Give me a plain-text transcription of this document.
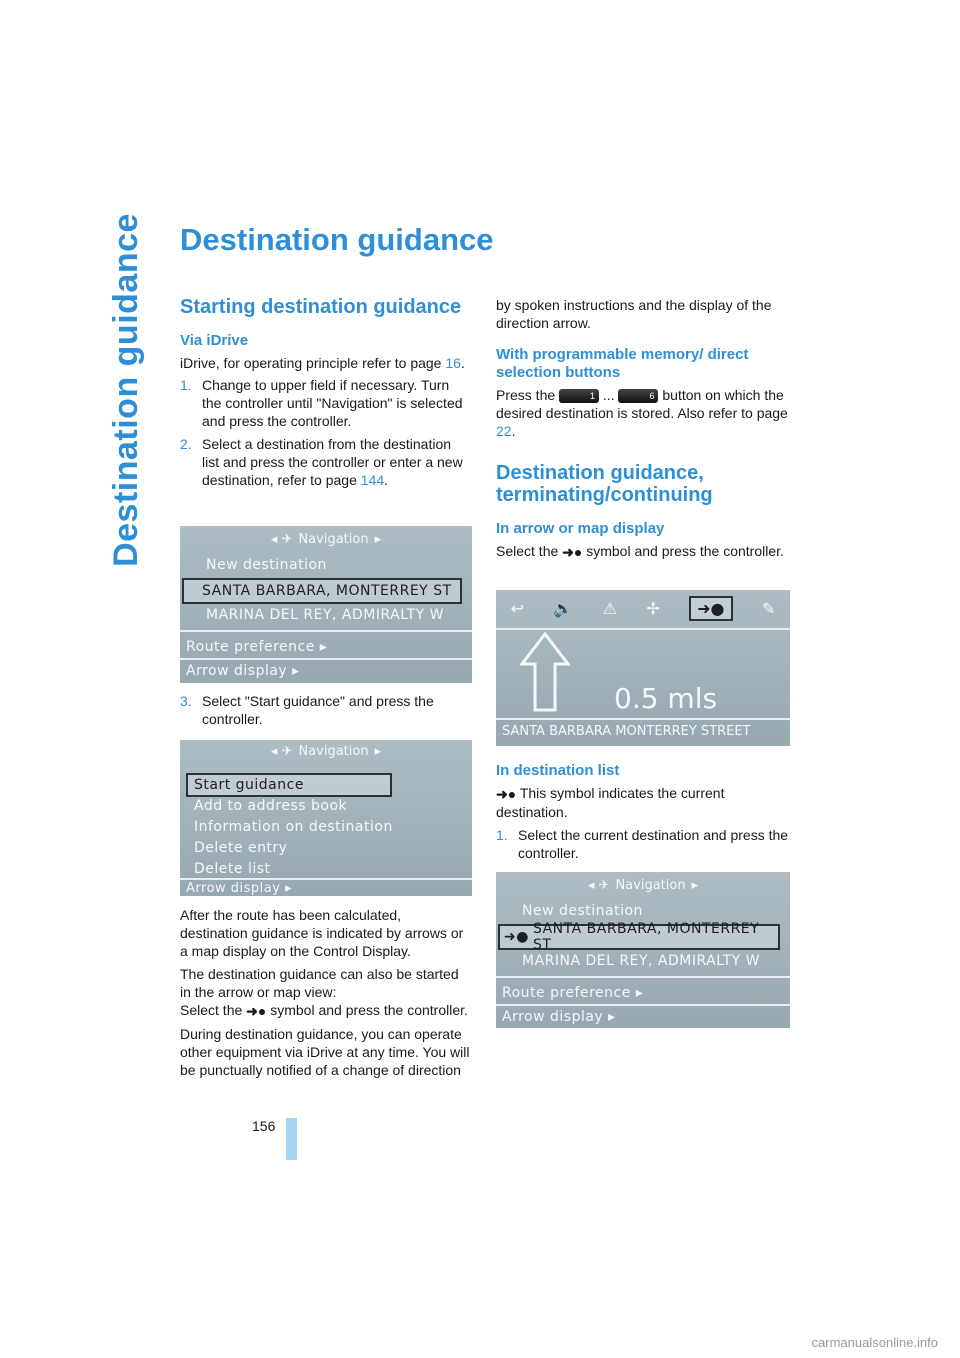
Destination guidance Destination guidance
Starting destination guidance
Via iDrive

iDrive, for operating principle refer to page 16.

1. Change to upper field if necessary. Turn the controller until "Navigation" is selected and press the controller.
2. Select a destination from the destination list and press the controller or enter a new destination, refer to page 144.
◂ ✈ Navigation ▸
New destination
SANTA BARBARA, MONTERREY ST
MARINA DEL REY, ADMIRALTY W
Route preference ▸
Arrow display ▸
3. Select "Start guidance" and press the controller.
◂ ✈ Navigation ▸
Start guidance
Add to address book
Information on destination
Delete entry
Delete list
Arrow display ▸

After the route has been calculated, destination guidance is indicated by arrows or a map display on the Control Display.

The destination guidance can also be started in the arrow or map view:

Select the ➜● symbol and press the controller.

During destination guidance, you can operate other equipment via iDrive at any time. You will be punctually notified of a change of direction

by spoken instructions and the display of the direction arrow.

With programmable memory/ direct selection buttons

Press the	1 ...	6 button on which the desired destination is stored. Also refer to page 22.

Destination guidance, terminating/continuing
In arrow or map display

Select the ➜● symbol and press the controller.

↩ 🔊 ⚠ ✢	➜●	✎
0.5 mls
SANTA BARBARA MONTERREY STREET
In destination list

➜● This symbol indicates the current destination.

1. Select the current destination and press the controller.
◂ ✈ Navigation ▸
New destination
➜● SANTA BARBARA, MONTERREY ST
MARINA DEL REY, ADMIRALTY W
Route preference ▸
Arrow display ▸
156
carmanualsonline.info
